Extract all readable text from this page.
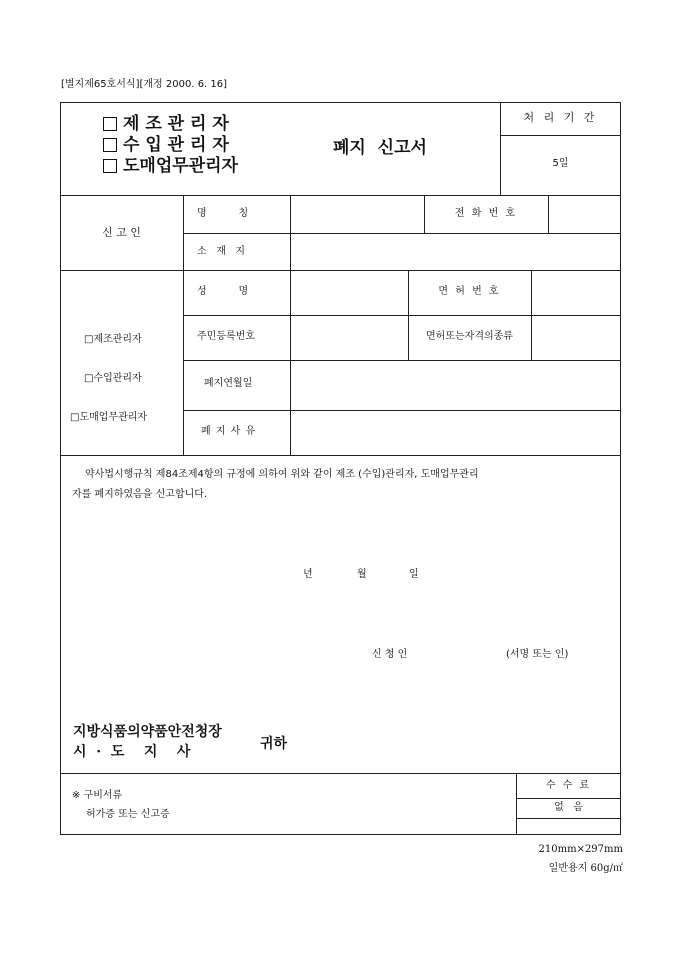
[별지제65호서식][개정 2000. 6. 16]
제 조 관 리 자
수 입 관 리 자
도매업무관리자
폐지  신고서
처 리 기 간
5일
신 고 인
명          칭	전 화 번 호
소   재   지
□제조관리자
□수입관리자
□도매업무관리자
성          명	면 허 번 호
주민등록번호	면허또는자격의종류
폐지연월일
폐 지 사 유
약사법시행규칙 제84조제4항의 규정에 의하여 위와 같이 제조 (수입)관리자, 도매업무관리
자를 폐지하였음을 신고합니다.
년	월	일
신 청 인	(서명 또는 인)
지방식품의약품안전청장
시  ·  도    지    사	귀하
※ 구비서류
허가증 또는 신고증
수 수 료
없   음
210mm×297mm
일반용지 60g/㎡
